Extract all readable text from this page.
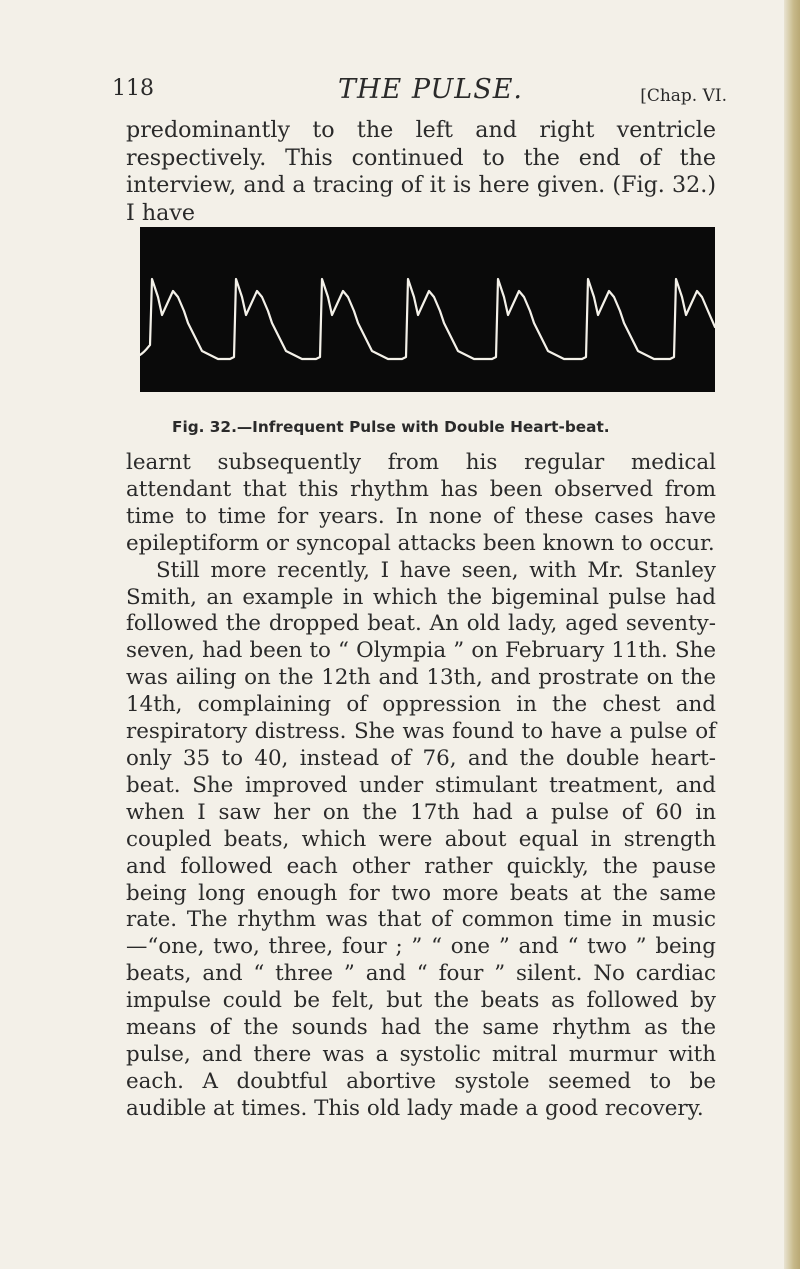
118	THE PULSE.	[Chap. VI.

predominantly to the left and right ventricle respectively. This continued to the end of the interview, and a tracing of it is here given. (Fig. 32.) I have

Fig. 32.—Infrequent Pulse with Double Heart-beat.

learnt subsequently from his regular medical attendant that this rhythm has been observed from time to time for years. In none of these cases have epileptiform or syncopal attacks been known to occur.

Still more recently, I have seen, with Mr. Stanley Smith, an example in which the bigeminal pulse had followed the dropped beat. An old lady, aged seventy-seven, had been to “ Olympia ” on February 11th. She was ailing on the 12th and 13th, and prostrate on the 14th, complaining of oppression in the chest and respiratory distress. She was found to have a pulse of only 35 to 40, instead of 76, and the double heart-beat. She improved under stimulant treatment, and when I saw her on the 17th had a pulse of 60 in coupled beats, which were about equal in strength and followed each other rather quickly, the pause being long enough for two more beats at the same rate. The rhythm was that of common time in music—“one, two, three, four ; ” “ one ” and “ two ” being beats, and “ three ” and “ four ” silent. No cardiac impulse could be felt, but the beats as followed by means of the sounds had the same rhythm as the pulse, and there was a systolic mitral murmur with each. A doubtful abortive systole seemed to be audible at times. This old lady made a good recovery.
